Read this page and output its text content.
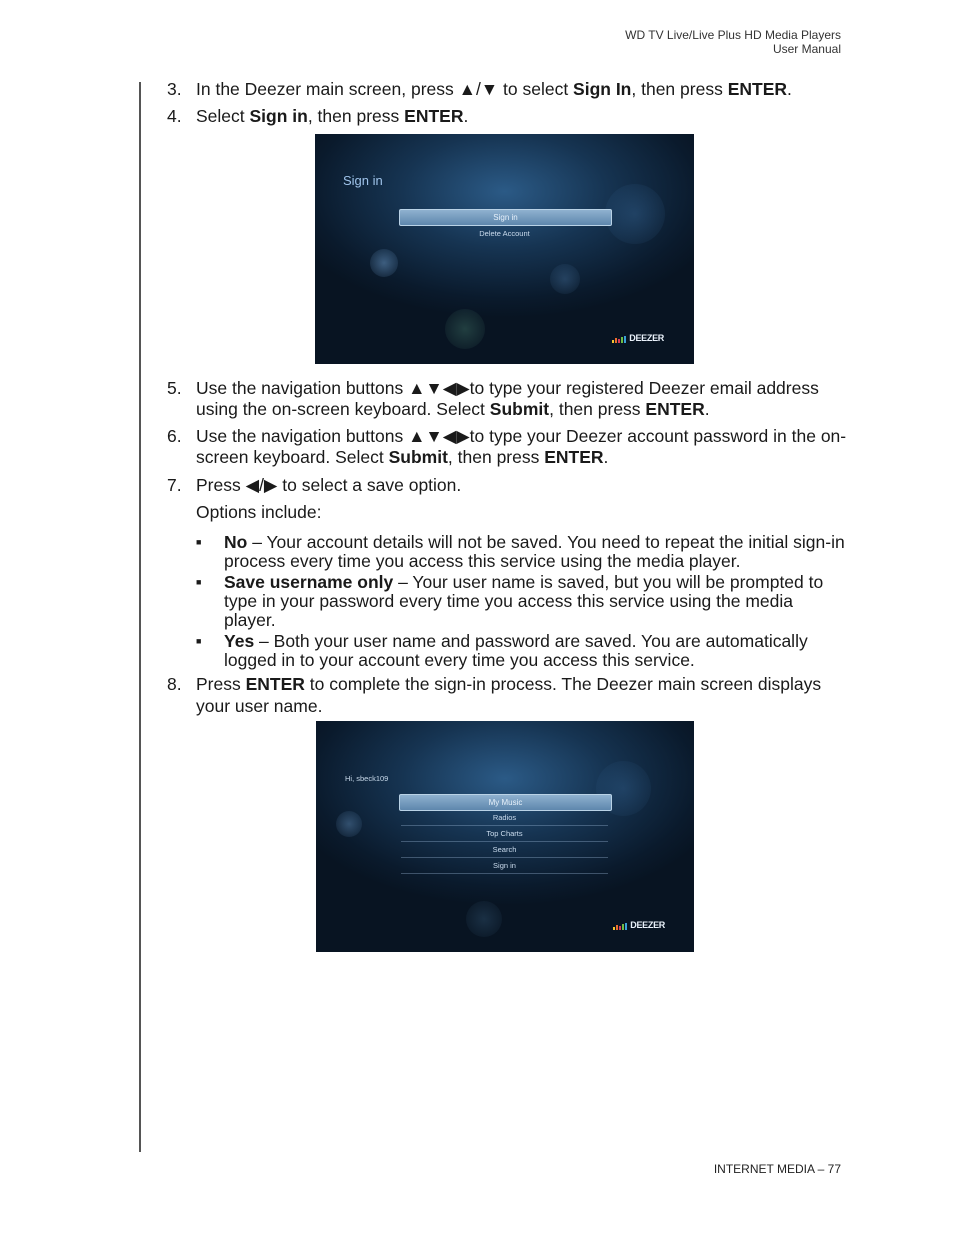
WD TV Live/Live Plus HD Media Players
User Manual
3. In the Deezer main screen, press ▲/▼ to select Sign In, then press ENTER.
4. Select Sign in, then press ENTER.
5. Use the navigation buttons ▲▼◀▶to type your registered Deezer email address using the on-screen keyboard. Select Submit, then press ENTER.
6. Use the navigation buttons ▲▼◀▶to type your Deezer account password in the on-screen keyboard. Select Submit, then press ENTER.
7. Press ◀/▶ to select a save option.
Options include:
■	No – Your account details will not be saved. You need to repeat the initial sign-in process every time you access this service using the media player.
■	Save username only – Your user name is saved, but you will be prompted to type in your password every time you access this service using the media player.
■	Yes – Both your user name and password are saved. You are automatically logged in to your account every time you access this service.
8. Press ENTER to complete the sign-in process. The Deezer main screen displays your user name.
Sign in
Sign in
Delete Account
DEEZER
Hi, sbeck109
My Music
Radios
Top Charts
Search
Sign in
DEEZER
INTERNET MEDIA – 77
